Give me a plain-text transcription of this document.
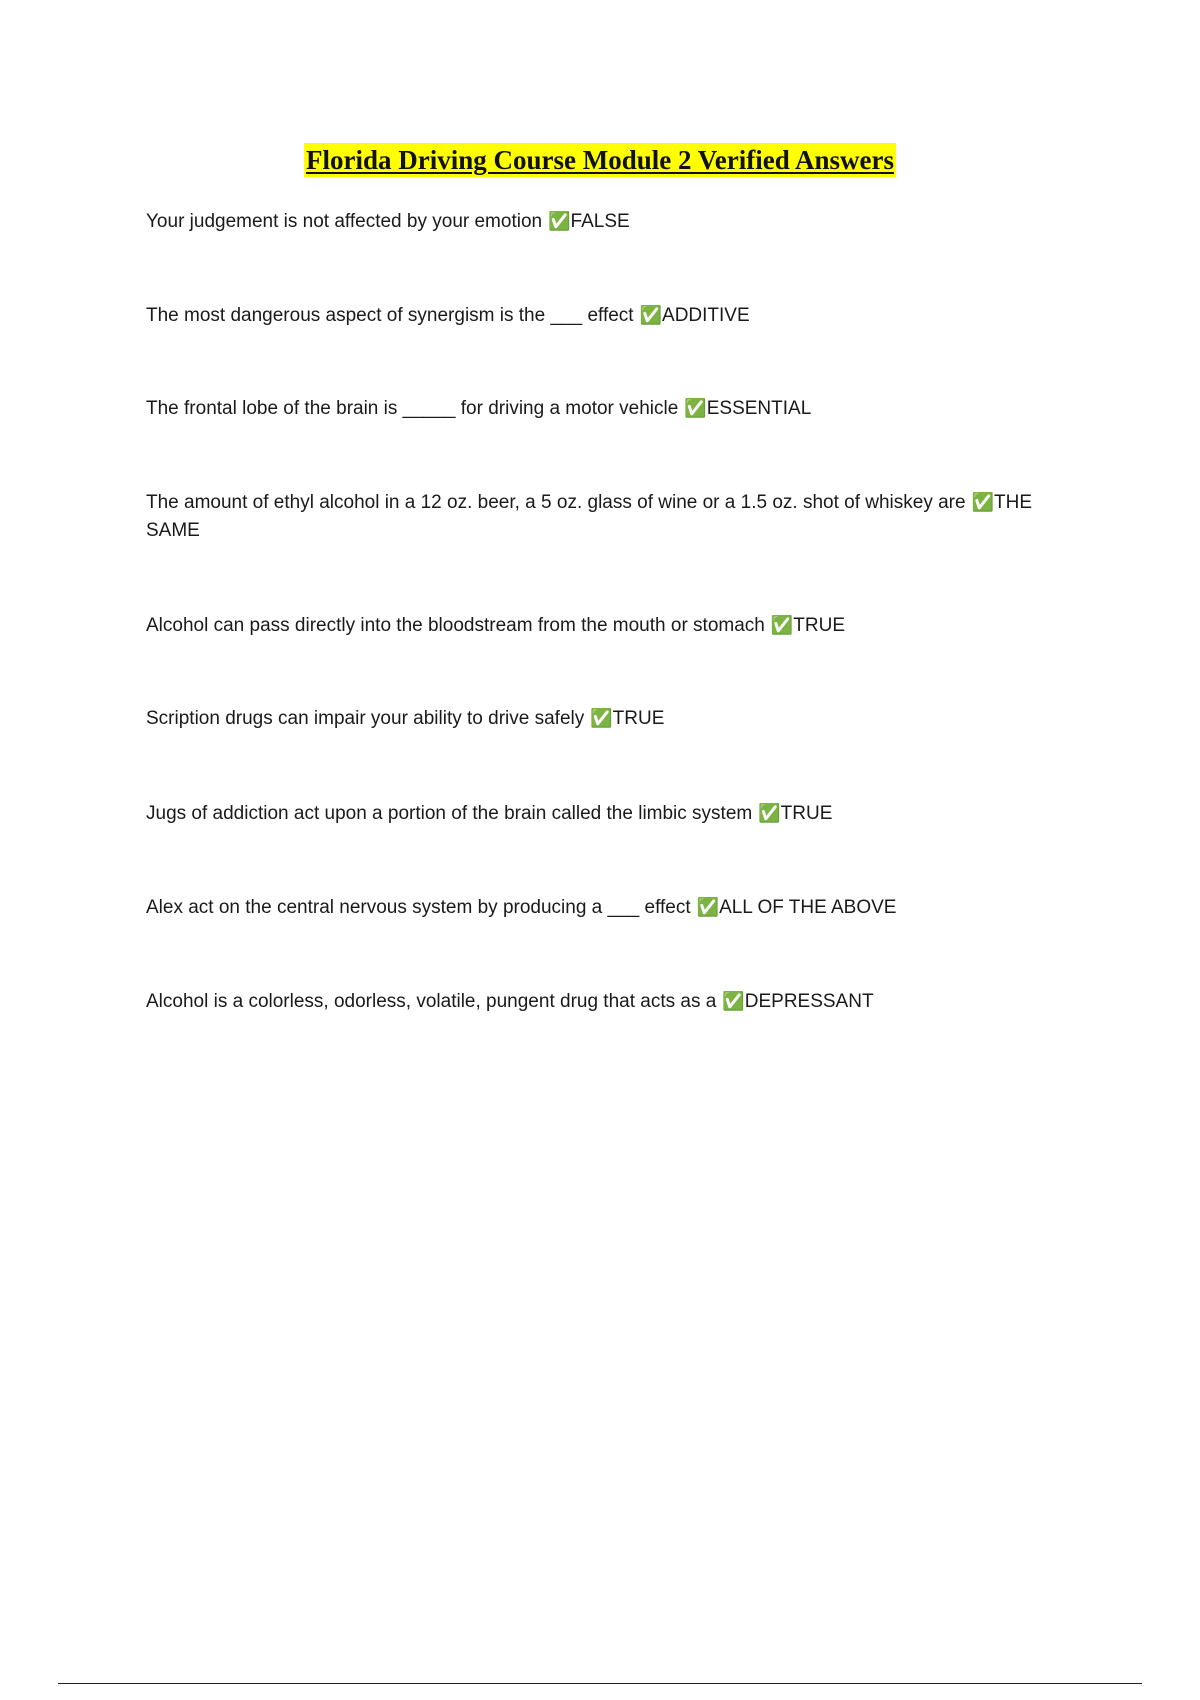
Florida Driving Course Module 2 Verified Answers
Your judgement is not affected by your emotion ✅FALSE
The most dangerous aspect of synergism is the ___ effect ✅ADDITIVE
The frontal lobe of the brain is _____ for driving a motor vehicle ✅ESSENTIAL
The amount of ethyl alcohol in a 12 oz. beer, a 5 oz. glass of wine or a 1.5 oz. shot of whiskey are ✅THE SAME
Alcohol can pass directly into the bloodstream from the mouth or stomach ✅TRUE
Scription drugs can impair your ability to drive safely ✅TRUE
Jugs of addiction act upon a portion of the brain called the limbic system ✅TRUE
Alex act on the central nervous system by producing a ___ effect ✅ALL OF THE ABOVE
Alcohol is a colorless, odorless, volatile, pungent drug that acts as a ✅DEPRESSANT
